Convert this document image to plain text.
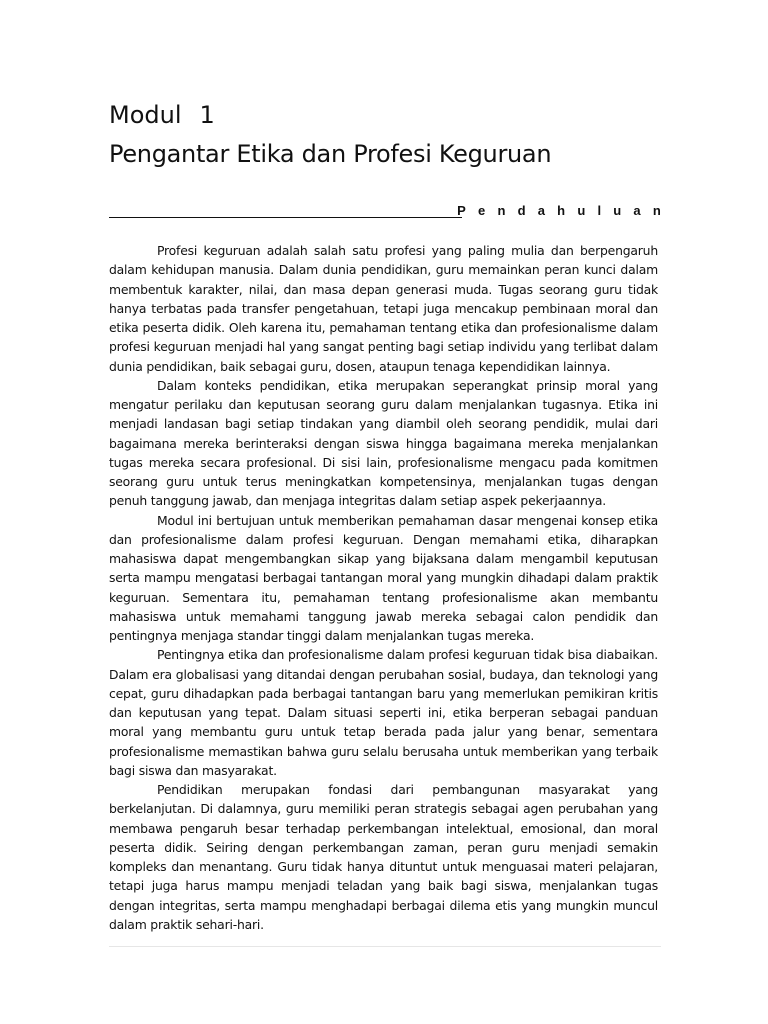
Modul 1
Pengantar Etika dan Profesi Keguruan
Pendahuluan

Profesi keguruan adalah salah satu profesi yang paling mulia dan berpengaruh dalam kehidupan manusia. Dalam dunia pendidikan, guru memainkan peran kunci dalam membentuk karakter, nilai, dan masa depan generasi muda. Tugas seorang guru tidak hanya terbatas pada transfer pengetahuan, tetapi juga mencakup pembinaan moral dan etika peserta didik. Oleh karena itu, pemahaman tentang etika dan profesionalisme dalam profesi keguruan menjadi hal yang sangat penting bagi setiap individu yang terlibat dalam dunia pendidikan, baik sebagai guru, dosen, ataupun tenaga kependidikan lainnya.

Dalam konteks pendidikan, etika merupakan seperangkat prinsip moral yang mengatur perilaku dan keputusan seorang guru dalam menjalankan tugasnya. Etika ini menjadi landasan bagi setiap tindakan yang diambil oleh seorang pendidik, mulai dari bagaimana mereka berinteraksi dengan siswa hingga bagaimana mereka menjalankan tugas mereka secara profesional. Di sisi lain, profesionalisme mengacu pada komitmen seorang guru untuk terus meningkatkan kompetensinya, menjalankan tugas dengan penuh tanggung jawab, dan menjaga integritas dalam setiap aspek pekerjaannya.

Modul ini bertujuan untuk memberikan pemahaman dasar mengenai konsep etika dan profesionalisme dalam profesi keguruan. Dengan memahami etika, diharapkan mahasiswa dapat mengembangkan sikap yang bijaksana dalam mengambil keputusan serta mampu mengatasi berbagai tantangan moral yang mungkin dihadapi dalam praktik keguruan. Sementara itu, pemahaman tentang profesionalisme akan membantu mahasiswa untuk memahami tanggung jawab mereka sebagai calon pendidik dan pentingnya menjaga standar tinggi dalam menjalankan tugas mereka.

Pentingnya etika dan profesionalisme dalam profesi keguruan tidak bisa diabaikan. Dalam era globalisasi yang ditandai dengan perubahan sosial, budaya, dan teknologi yang cepat, guru dihadapkan pada berbagai tantangan baru yang memerlukan pemikiran kritis dan keputusan yang tepat. Dalam situasi seperti ini, etika berperan sebagai panduan moral yang membantu guru untuk tetap berada pada jalur yang benar, sementara profesionalisme memastikan bahwa guru selalu berusaha untuk memberikan yang terbaik bagi siswa dan masyarakat.

Pendidikan merupakan fondasi dari pembangunan masyarakat yang berkelanjutan. Di dalamnya, guru memiliki peran strategis sebagai agen perubahan yang membawa pengaruh besar terhadap perkembangan intelektual, emosional, dan moral peserta didik. Seiring dengan perkembangan zaman, peran guru menjadi semakin kompleks dan menantang. Guru tidak hanya dituntut untuk menguasai materi pelajaran, tetapi juga harus mampu menjadi teladan yang baik bagi siswa, menjalankan tugas dengan integritas, serta mampu menghadapi berbagai dilema etis yang mungkin muncul dalam praktik sehari-hari.
